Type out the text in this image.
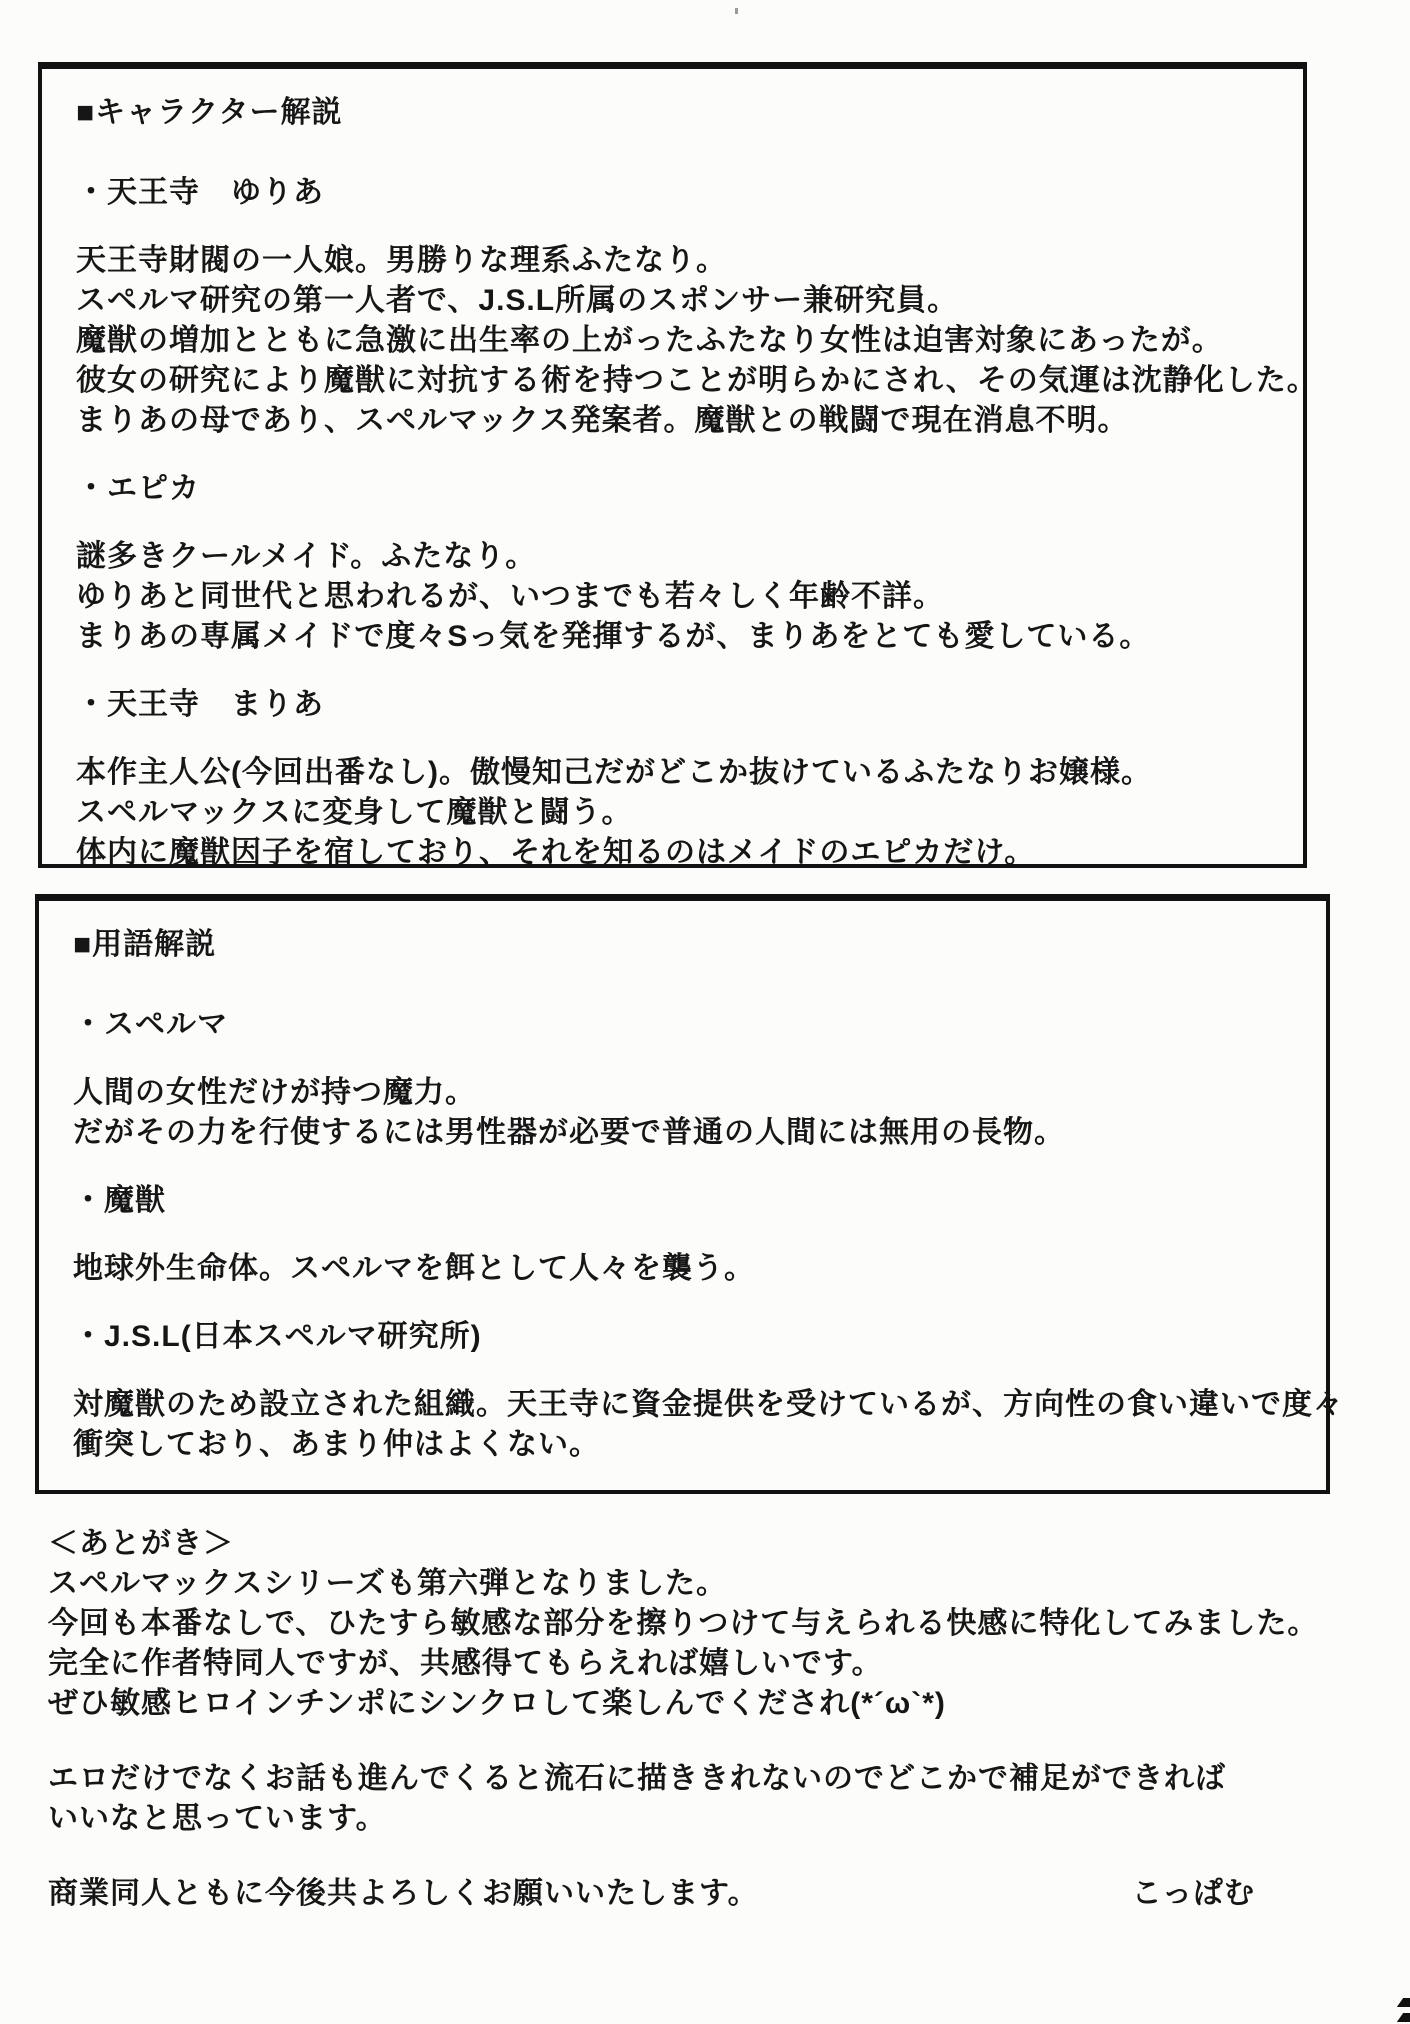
■キャラクター解説
・天王寺　ゆりあ
天王寺財閥の一人娘。男勝りな理系ふたなり。
スペルマ研究の第一人者で、J.S.L所属のスポンサー兼研究員。
魔獣の増加とともに急激に出生率の上がったふたなり女性は迫害対象にあったが。
彼女の研究により魔獣に対抗する術を持つことが明らかにされ、その気運は沈静化した。
まりあの母であり、スペルマックス発案者。魔獣との戦闘で現在消息不明。
・エピカ
謎多きクールメイド。ふたなり。
ゆりあと同世代と思われるが、いつまでも若々しく年齢不詳。
まりあの専属メイドで度々Sっ気を発揮するが、まりあをとても愛している。
・天王寺　まりあ
本作主人公(今回出番なし)。傲慢知己だがどこか抜けているふたなりお嬢様。
スペルマックスに変身して魔獣と闘う。
体内に魔獣因子を宿しており、それを知るのはメイドのエピカだけ。
■用語解説
・スペルマ
人間の女性だけが持つ魔力。
だがその力を行使するには男性器が必要で普通の人間には無用の長物。
・魔獣
地球外生命体。スペルマを餌として人々を襲う。
・J.S.L(日本スペルマ研究所)
対魔獣のため設立された組織。天王寺に資金提供を受けているが、方向性の食い違いで度々
衝突しており、あまり仲はよくない。
＜あとがき＞
スペルマックスシリーズも第六弾となりました。
今回も本番なしで、ひたすら敏感な部分を擦りつけて与えられる快感に特化してみました。
完全に作者特同人ですが、共感得てもらえれば嬉しいです。
ぜひ敏感ヒロインチンポにシンクロして楽しんでくだされ(*´ω`*)
エロだけでなくお話も進んでくると流石に描ききれないのでどこかで補足ができれば
いいなと思っています。
商業同人ともに今後共よろしくお願いいたします。	こっぱむ
